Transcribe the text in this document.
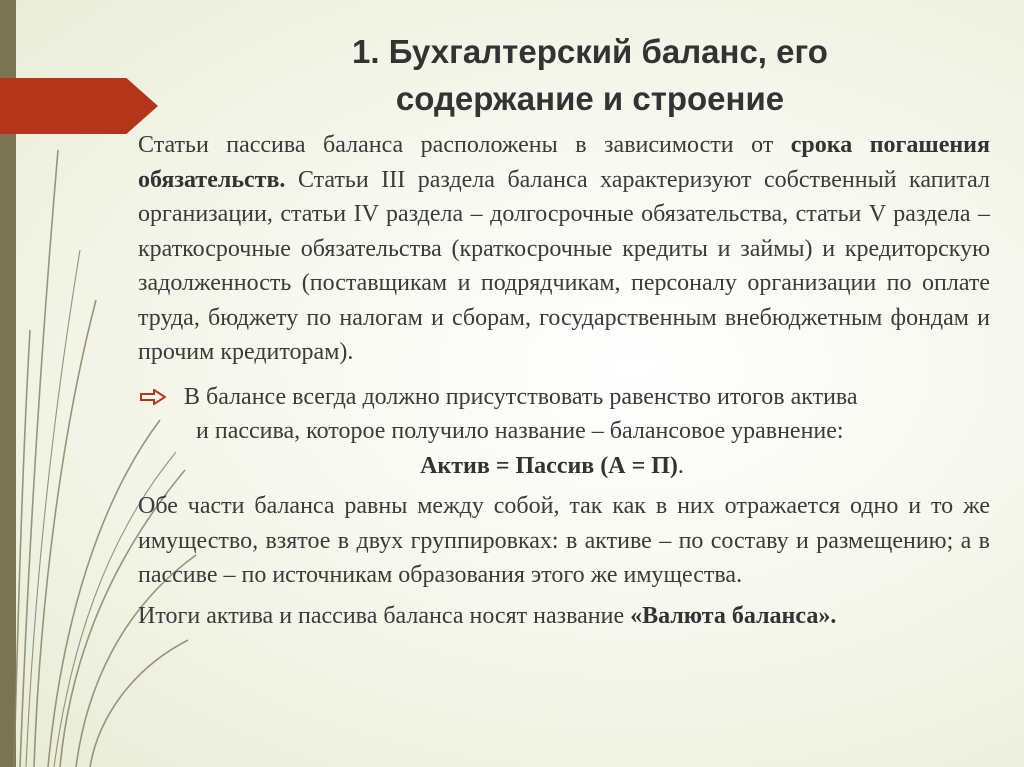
1. Бухгалтерский баланс, его
содержание и строение

Статьи пассива баланса расположены в зависимости от срока погашения обязательств. Статьи III раздела баланса характеризуют собственный капитал организации, статьи IV раздела – долгосрочные обязательства, статьи V раздела – краткосрочные обязательства (краткосрочные кредиты и займы) и кредиторскую задолженность (поставщикам и подрядчикам, персоналу организации по оплате труда, бюджету по налогам и сборам, государственным внебюджетным фондам и прочим кредиторам).

В балансе всегда должно присутствовать равенство итогов актива
и пассива, которое получило название – балансовое уравнение:
Актив = Пассив (А = П).

Обе части баланса равны между собой, так как в них отражается одно и то же имущество, взятое в двух группировках: в активе – по составу и размещению; а в пассиве – по источникам образования этого же имущества.

Итоги актива и пассива баланса носят название «Валюта баланса».
